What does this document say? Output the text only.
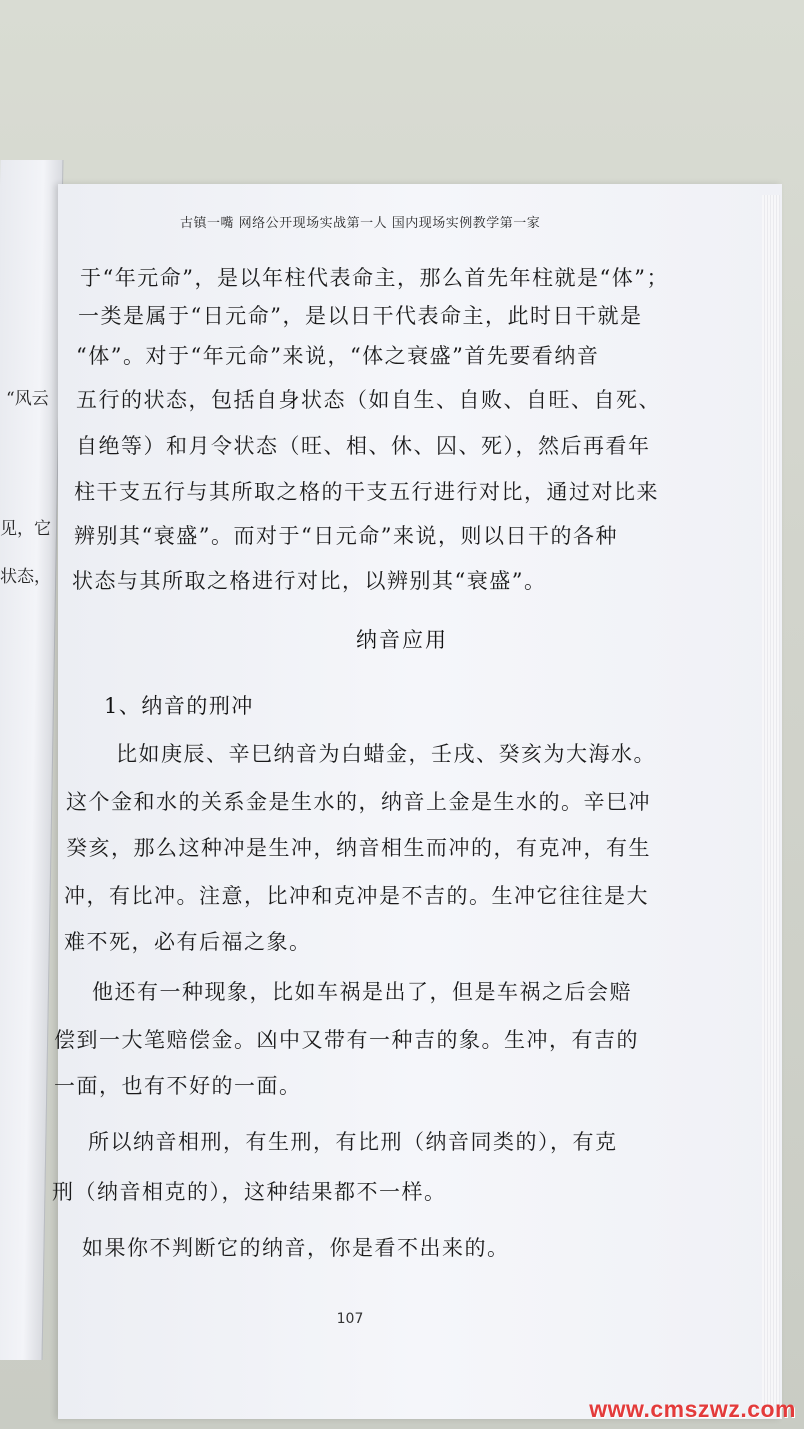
“风云
见，它
状态，
古镇一嘴 网络公开现场实战第一人 国内现场实例教学第一家
于“年元命”，是以年柱代表命主，那么首先年柱就是“体”；
一类是属于“日元命”，是以日干代表命主，此时日干就是
“体”。对于“年元命”来说，“体之衰盛”首先要看纳音
五行的状态，包括自身状态（如自生、自败、自旺、自死、
自绝等）和月令状态（旺、相、休、囚、死），然后再看年
柱干支五行与其所取之格的干支五行进行对比，通过对比来
辨别其“衰盛”。而对于“日元命”来说，则以日干的各种
状态与其所取之格进行对比，以辨别其“衰盛”。
纳音应用
1、纳音的刑冲
比如庚辰、辛巳纳音为白蜡金，壬戌、癸亥为大海水。
这个金和水的关系金是生水的，纳音上金是生水的。辛巳冲
癸亥，那么这种冲是生冲，纳音相生而冲的，有克冲，有生
冲，有比冲。注意，比冲和克冲是不吉的。生冲它往往是大
难不死，必有后福之象。
他还有一种现象，比如车祸是出了，但是车祸之后会赔
偿到一大笔赔偿金。凶中又带有一种吉的象。生冲，有吉的
一面，也有不好的一面。
所以纳音相刑，有生刑，有比刑（纳音同类的），有克
刑（纳音相克的），这种结果都不一样。
如果你不判断它的纳音，你是看不出来的。
107
www.cmszwz.com
